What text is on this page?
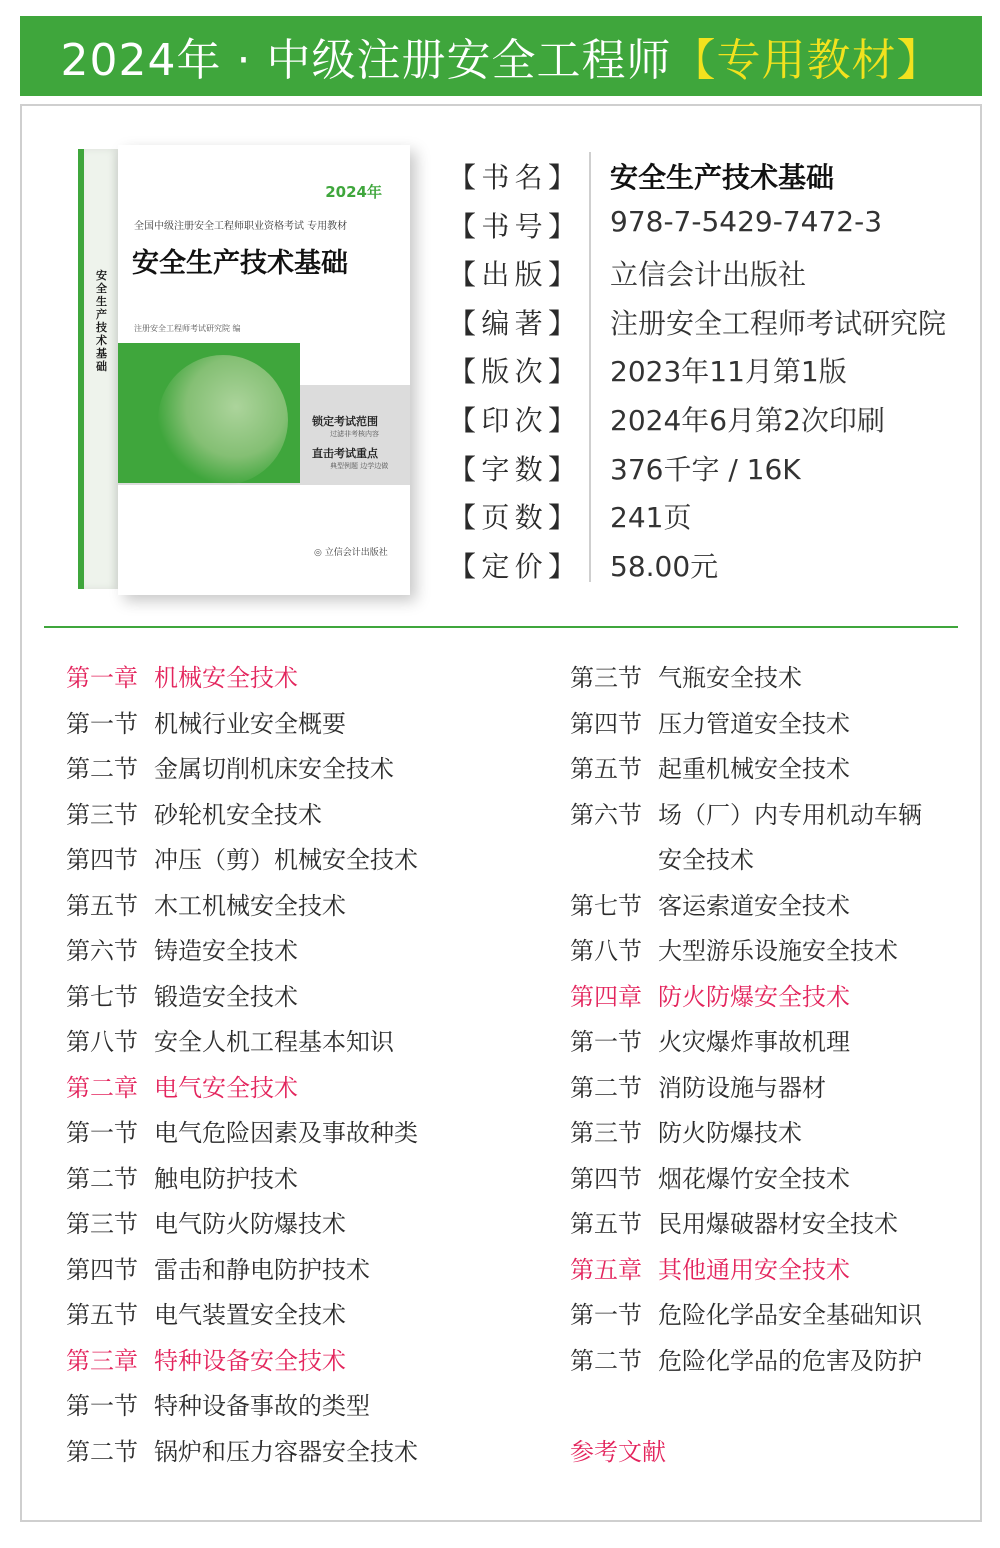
2024年 · 中级注册安全工程师【专用教材】
安全生产技术基础
2024年
全国中级注册安全工程师职业资格考试 专用教材
安全生产技术基础
注册安全工程师考试研究院 编
锁定考试范围
过滤非考核内容
直击考试重点
典型例题 边学边做
◎ 立信会计出版社
【 书 名 】 安全生产技术基础
【 书 号 】 978-7-5429-7472-3
【 出 版 】 立信会计出版社
【 编 著 】 注册安全工程师考试研究院
【 版 次 】 2023年11月第1版
【 印 次 】 2024年6月第2次印刷
【 字 数 】 376千字 / 16K
【 页 数 】 241页
【 定 价 】 58.00元
第一章 机械安全技术
第一节 机械行业安全概要
第二节 金属切削机床安全技术
第三节 砂轮机安全技术
第四节 冲压（剪）机械安全技术
第五节 木工机械安全技术
第六节 铸造安全技术
第七节 锻造安全技术
第八节 安全人机工程基本知识
第二章 电气安全技术
第一节 电气危险因素及事故种类
第二节 触电防护技术
第三节 电气防火防爆技术
第四节 雷击和静电防护技术
第五节 电气装置安全技术
第三章 特种设备安全技术
第一节 特种设备事故的类型
第二节 锅炉和压力容器安全技术
第三节 气瓶安全技术
第四节 压力管道安全技术
第五节 起重机械安全技术
第六节 场（厂）内专用机动车辆
安全技术
第七节 客运索道安全技术
第八节 大型游乐设施安全技术
第四章 防火防爆安全技术
第一节 火灾爆炸事故机理
第二节 消防设施与器材
第三节 防火防爆技术
第四节 烟花爆竹安全技术
第五节 民用爆破器材安全技术
第五章 其他通用安全技术
第一节 危险化学品安全基础知识
第二节 危险化学品的危害及防护
参考文献
